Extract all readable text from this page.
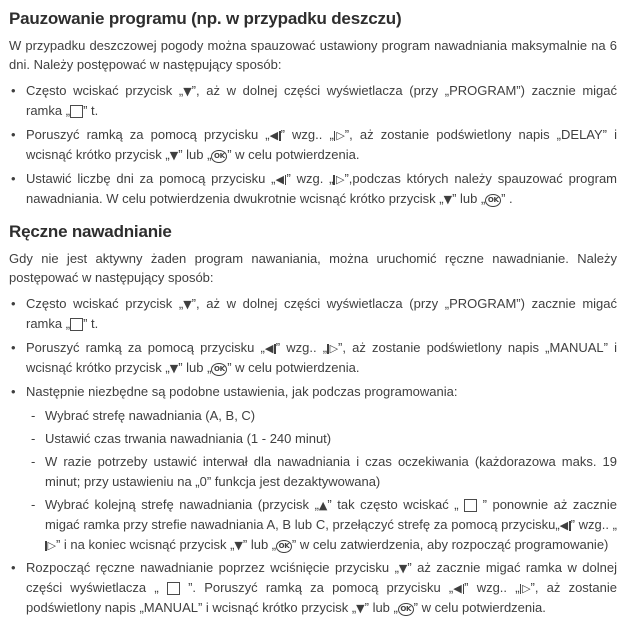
Pauzowanie programu (np. w przypadku deszczu)

W przypadku deszczowej pogody można spauzować ustawiony program nawadniania maksymalnie na 6 dni. Należy postępować w następujący sposób:

• Często wciskać przycisk „▼”, aż w dolnej części wyświetlacza (przy „PROGRAM”) zacznie migać ramka „ ” t.
• Poruszyć ramką za pomocą przycisku „◀ ” wzg.. „ ▷”, aż zostanie podświetlony napis „DELAY” i wcisnąć krótko przycisk „▼” lub „ OK ” w celu potwierdzenia.
• Ustawić liczbę dni za pomocą przycisku „◀ ” wzg. „ ▷”,podczas których należy spauzować program nawadniania. W celu potwierdzenia dwukrotnie wcisnąć krótko przycisk „▼” lub „ OK ” .
Ręczne nawadnianie

Gdy nie jest aktywny żaden program nawaniania, można uruchomić ręczne nawadnianie. Należy postępować w następujący sposób:

• Często wciskać przycisk „▼”, aż w dolnej części wyświetlacza (przy „PROGRAM”) zacznie migać ramka „ ” t.
• Poruszyć ramką za pomocą przycisku „◀ ” wzg.. „ ▷”, aż zostanie podświetlony napis „MANUAL” i wcisnąć krótko przycisk „▼” lub „ OK ” w celu potwierdzenia.
• Następnie niezbędne są podobne ustawienia, jak podczas programowania:
- Wybrać strefę nawadniania (A, B, C)
- Ustawić czas trwania nawadniania (1 - 240 minut)
- W razie potrzeby ustawić interwał dla nawadniania i czas oczekiwania (każdorazowa maks. 19 minut; przy ustawieniu na „0” funkcja jest dezaktywowana)
- Wybrać kolejną strefę nawadniania (przycisk „▲” tak często wciskać „  ” ponownie aż zacznie migać ramka przy strefie nawadniania A, B lub C, przełączyć strefę za pomocą przycisku„◀ ” wzg.. „▷” i na koniec wcisnąć przycisk „▼” lub „ OK ” w celu zatwierdzenia, aby rozpocząć programowanie)
• Rozpocząć ręczne nawadnianie poprzez wciśnięcie przycisku „▼” aż zacznie migać ramka w dolnej części wyświetlacza „  ”. Poruszyć ramką za pomocą przycisku „◀ ” wzg.. „ ▷”, aż zostanie podświetlony napis „MANUAL” i wcisnąć krótko przycisk „▼” lub „ OK ” w celu potwierdzenia.
